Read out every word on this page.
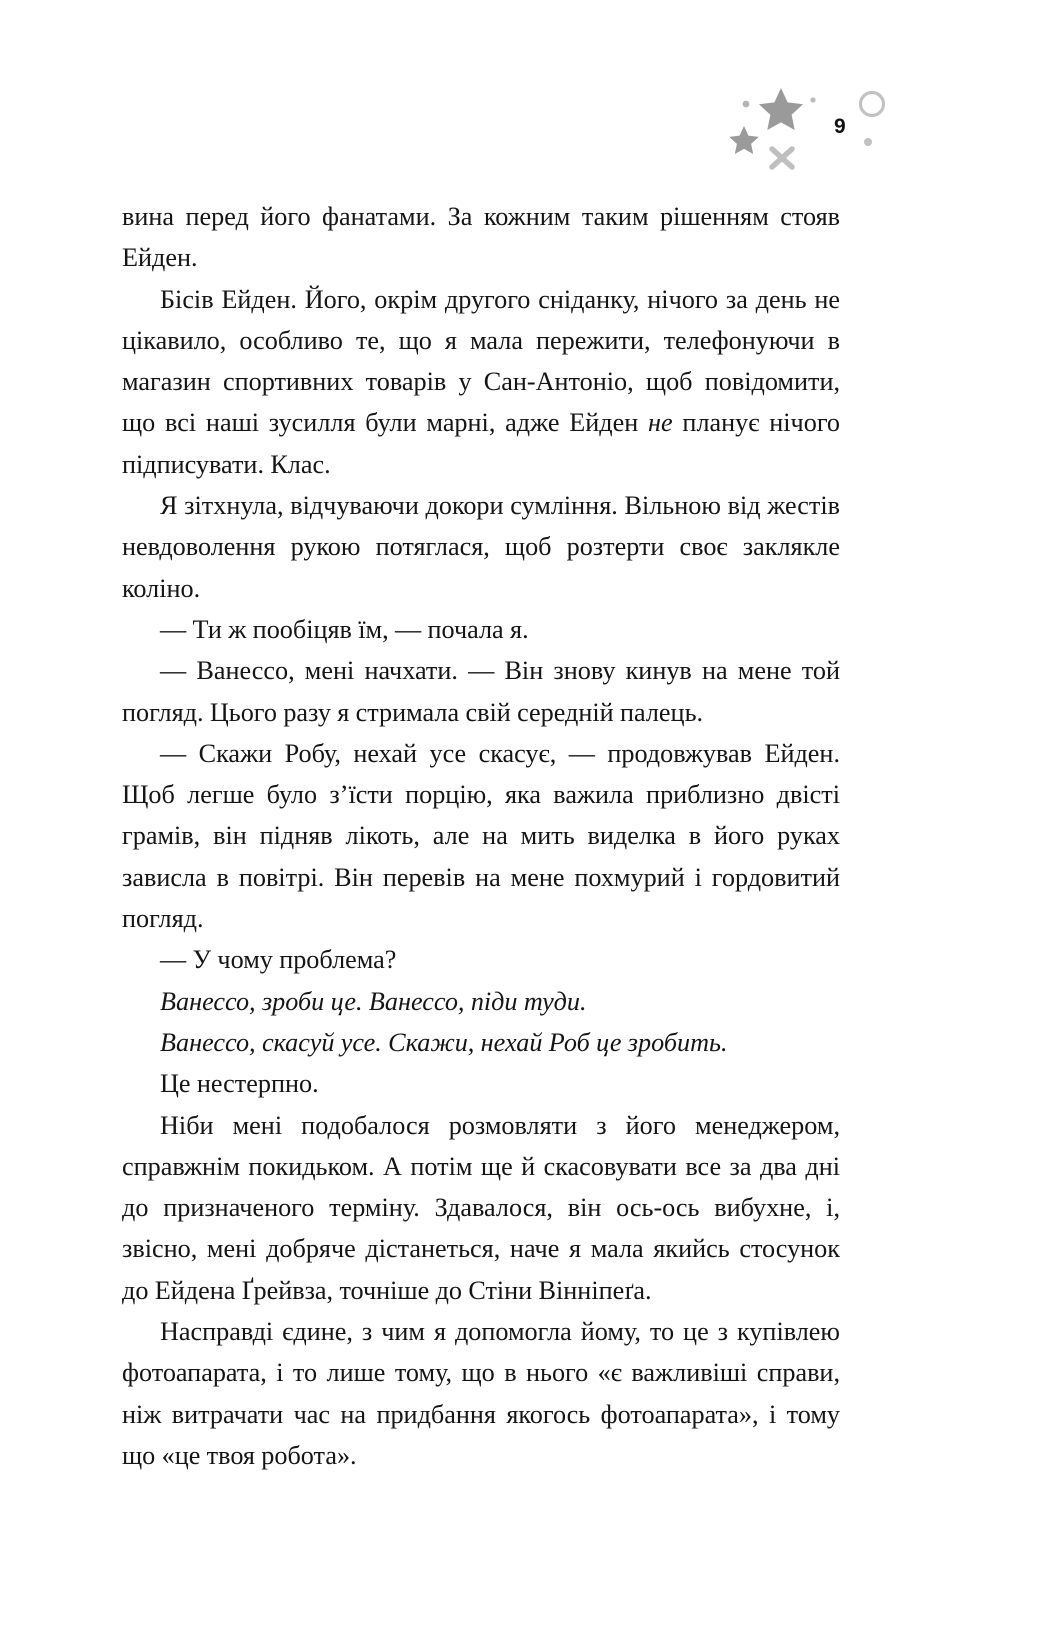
9

вина перед його фанатами. За кожним таким рішенням стояв Ейден.

Бісів Ейден. Його, окрім другого сніданку, нічого за день не цікавило, особливо те, що я мала пережити, телефонуючи в магазин спортивних товарів у Сан-Антоніо, щоб повідомити, що всі наші зусилля були марні, адже Ейден не планує нічого підписувати. Клас.

Я зітхнула, відчуваючи докори сумління. Вільною від жестів невдоволення рукою потяглася, щоб розтерти своє заклякле коліно.

— Ти ж пообіцяв їм, — почала я.

— Ванессо, мені начхати. — Він знову кинув на мене той погляд. Цього разу я стримала свій середній палець.

— Скажи Робу, нехай усе скасує, — продовжував Ейден. Щоб легше було з’їсти порцію, яка важила приблизно двісті грамів, він підняв лікоть, але на мить виделка в його руках зависла в повітрі. Він перевів на мене похмурий і гордовитий погляд.

— У чому проблема?

Ванессо, зроби це. Ванессо, піди туди.

Ванессо, скасуй усе. Скажи, нехай Роб це зробить.

Це нестерпно.

Ніби мені подобалося розмовляти з його менеджером, справжнім покидьком. А потім ще й скасовувати все за два дні до призначеного терміну. Здавалося, він ось-ось вибухне, і, звісно, мені добряче дістанеться, наче я мала якийсь стосунок до Ейдена Ґрейвза, точніше до Стіни Вінніпеґа.

Насправді єдине, з чим я допомогла йому, то це з купівлею фотоапарата, і то лише тому, що в нього «є важливіші справи, ніж витрачати час на придбання якогось фотоапарата», і тому що «це твоя робота».
